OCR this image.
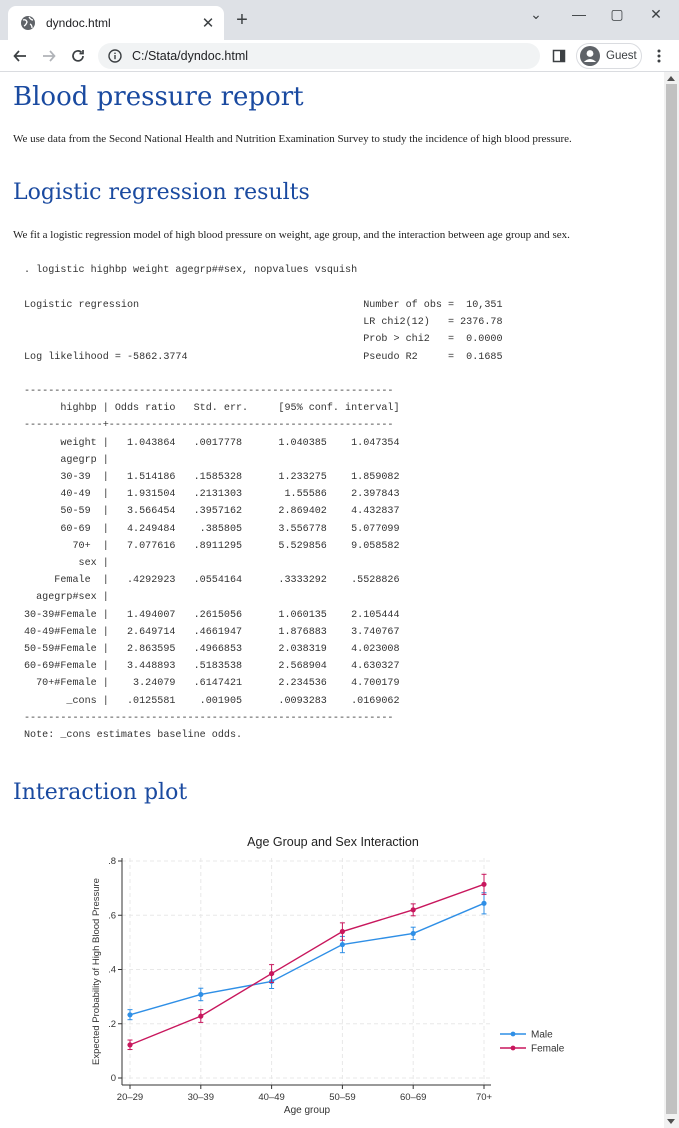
dyndoc.html	✕ +	⌄	—	▢	✕
C:/Stata/dyndoc.html	Guest
Blood pressure report

We use data from the Second National Health and Nutrition Examination Survey to study the incidence of high blood pressure.

Logistic regression results

We fit a logistic regression model of high blood pressure on weight, age group, and the interaction between age group and sex.

. logistic highbp weight agegrp##sex, nopvalues vsquish
Logistic regression                                     Number of obs =  10,351
LR chi2(12)   = 2376.78
Prob > chi2   =  0.0000
Log likelihood = -5862.3774                             Pseudo R2     =  0.1685

-------------------------------------------------------------
highbp | Odds ratio   Std. err.     [95% conf. interval]
-------------+-----------------------------------------------
weight |   1.043864   .0017778      1.040385    1.047354
agegrp |
30-39  |   1.514186   .1585328      1.233275    1.859082
40-49  |   1.931504   .2131303       1.55586    2.397843
50-59  |   3.566454   .3957162      2.869402    4.432837
60-69  |   4.249484    .385805      3.556778    5.077099
70+  |   7.077616   .8911295      5.529856    9.058582
sex |
Female  |   .4292923   .0554164      .3333292    .5528826
agegrp#sex |
30-39#Female |   1.494007   .2615056      1.060135    2.105444
40-49#Female |   2.649714   .4661947      1.876883    3.740767
50-59#Female |   2.863595   .4966853      2.038319    4.023008
60-69#Female |   3.448893   .5183538      2.568904    4.630327
70+#Female |    3.24079   .6147421      2.234536    4.700179
_cons |   .0125581    .001905      .0093283    .0169062
-------------------------------------------------------------
Note: _cons estimates baseline odds.
Interaction plot
.8
.6
.4
.2
0
20–29	30–39	40–49	50–59	60–69	70+
Age Group and Sex Interaction
Age group
Expected Probability of High Blood Pressure	Male
Female
